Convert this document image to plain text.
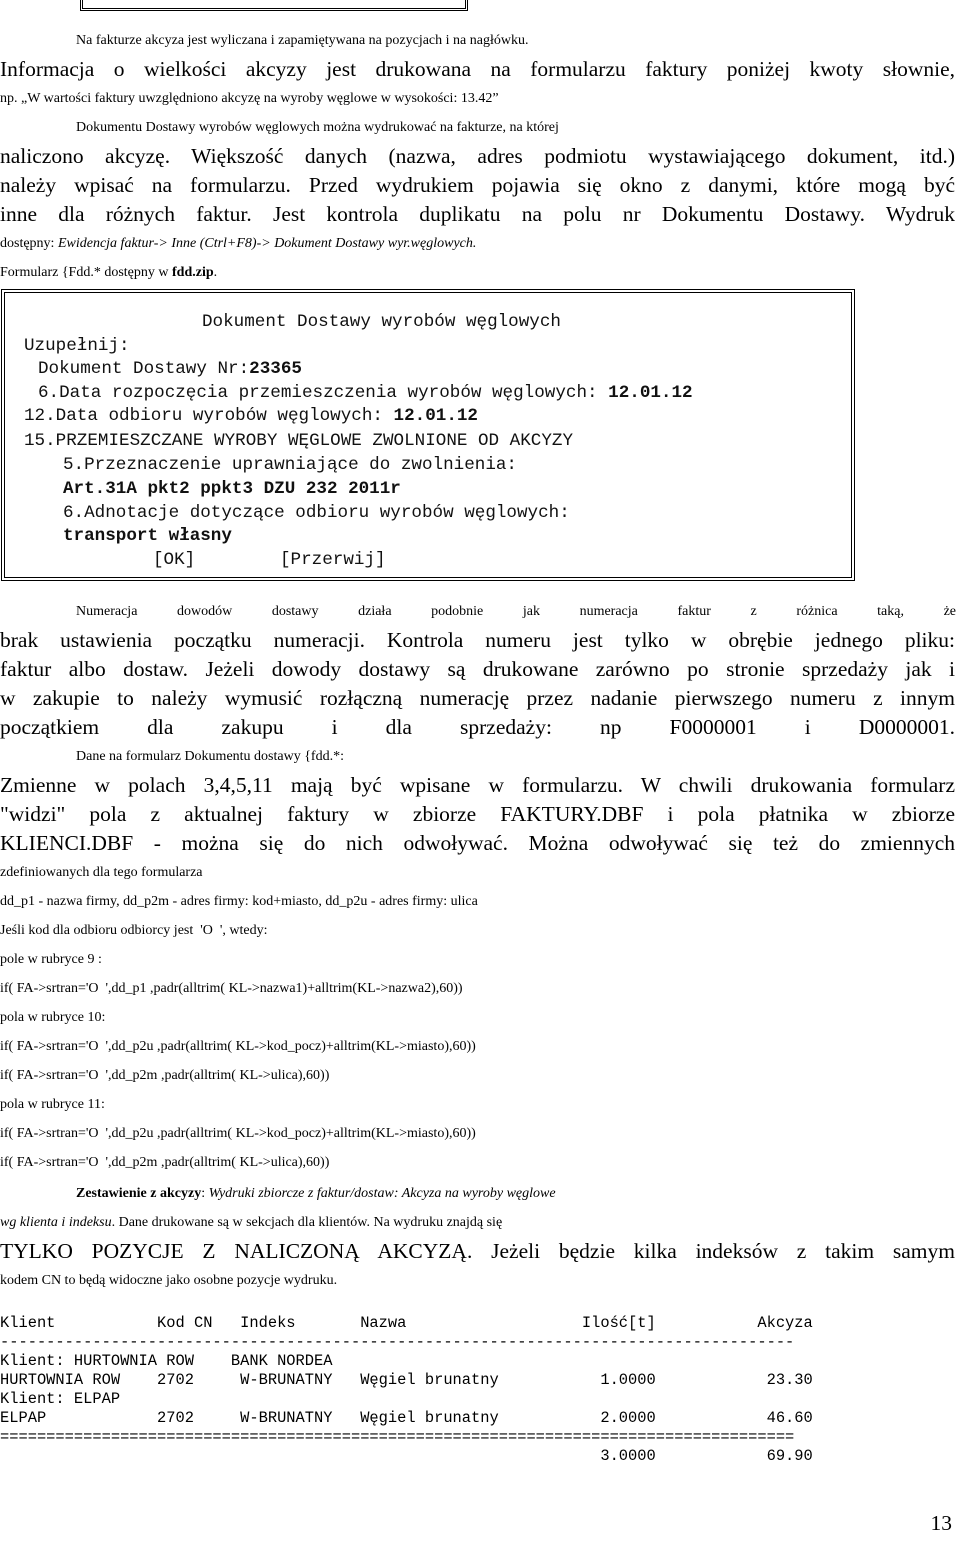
Na fakturze akcyza jest wyliczana i zapamiętywana na pozycjach i na nagłówku.
Informacja o wielkości akcyzy jest drukowana na formularzu faktury poniżej kwoty słownie,
np. „W wartości faktury uwzględniono akcyzę na wyroby węglowe w wysokości: 13.42”
Dokumentu Dostawy wyrobów węglowych można wydrukować na fakturze, na której
naliczono akcyzę. Większość danych (nazwa, adres podmiotu wystawiającego dokument, itd.)
należy wpisać na formularzu. Przed wydrukiem pojawia się okno z danymi, które mogą być
inne dla różnych faktur. Jest kontrola duplikatu na polu nr Dokumentu Dostawy. Wydruk
dostępny: Ewidencja faktur-> Inne (Ctrl+F8)-> Dokument Dostawy wyr.węglowych.
Formularz {Fdd.* dostępny w fdd.zip.
Dokument Dostawy wyrobów węglowych
Uzupełnij:
Dokument Dostawy Nr:23365
6.Data rozpoczęcia przemieszczenia wyrobów węglowych: 12.01.12
12.Data odbioru wyrobów węglowych: 12.01.12
15.PRZEMIESZCZANE WYROBY WĘGLOWE ZWOLNIONE OD AKCYZY
5.Przeznaczenie uprawniające do zwolnienia:
Art.31A pkt2 ppkt3 DZU 232 2011r
6.Adnotacje dotyczące odbioru wyrobów węglowych:
transport własny
[OK]	[Przerwij]
Numeracja dowodów dostawy działa podobnie jak numeracja faktur z różnica taką, że
brak ustawienia początku numeracji. Kontrola numeru jest tylko w obrębie jednego pliku:
faktur albo dostaw. Jeżeli dowody dostawy są drukowane zarówno po stronie sprzedaży jak i
w zakupie to należy wymusić rozłączną numerację przez nadanie pierwszego numeru z innym
początkiem dla zakupu i dla sprzedaży: np F0000001 i D0000001.
Dane na formularz Dokumentu dostawy {fdd.*:
Zmienne w polach 3,4,5,11 mają być wpisane w formularzu. W chwili drukowania formularz
"widzi" pola z aktualnej faktury w zbiorze FAKTURY.DBF i pola płatnika w zbiorze
KLIENCI.DBF - można się do nich odwoływać. Można odwoływać się też do zmiennych
zdefiniowanych dla tego formularza
dd_p1 - nazwa firmy, dd_p2m - adres firmy: kod+miasto, dd_p2u - adres firmy: ulica
Jeśli kod dla odbioru odbiorcy jest  'O  ', wtedy:
pole w rubryce 9 :
if( FA->srtran='O  ',dd_p1 ,padr(alltrim( KL->nazwa1)+alltrim(KL->nazwa2),60))
pola w rubryce 10:
if( FA->srtran='O  ',dd_p2u ,padr(alltrim( KL->kod_pocz)+alltrim(KL->miasto),60))
if( FA->srtran='O  ',dd_p2m ,padr(alltrim( KL->ulica),60))
pola w rubryce 11:
if( FA->srtran='O  ',dd_p2u ,padr(alltrim( KL->kod_pocz)+alltrim(KL->miasto),60))
if( FA->srtran='O  ',dd_p2m ,padr(alltrim( KL->ulica),60))
Zestawienie z akcyzy: Wydruki zbiorcze z faktur/dostaw: Akcyza na wyroby węglowe
wg klienta i indeksu. Dane drukowane są w sekcjach dla klientów. Na wydruku znajdą się
TYLKO POZYCJE Z NALICZONĄ AKCYZĄ. Jeżeli będzie kilka indeksów z takim samym
kodem CN to będą widoczne jako osobne pozycje wydruku.
Klient           Kod CN   Indeks       Nazwa                   Ilość[t]           Akcyza
--------------------------------------------------------------------------------------
Klient: HURTOWNIA ROW    BANK NORDEA
HURTOWNIA ROW    2702     W-BRUNATNY   Węgiel brunatny           1.0000            23.30
Klient: ELPAP
ELPAP            2702     W-BRUNATNY   Węgiel brunatny           2.0000            46.60
======================================================================================
3.0000            69.90
13
